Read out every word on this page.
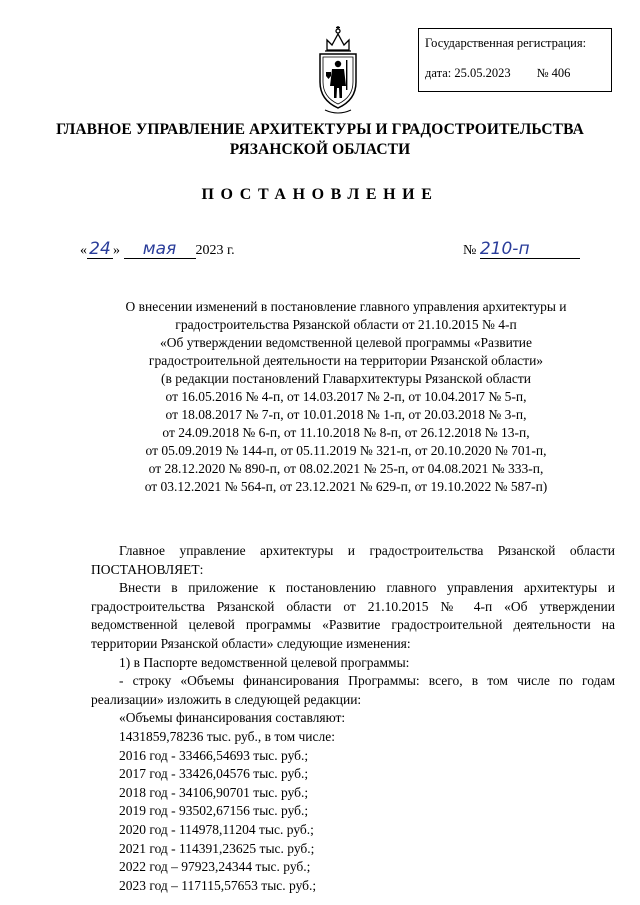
Государственная регистрация:
дата: 25.05.2023 № 406
ГЛАВНОЕ УПРАВЛЕНИЕ АРХИТЕКТУРЫ И ГРАДОСТРОИТЕЛЬСТВА
РЯЗАНСКОЙ ОБЛАСТИ
ПОСТАНОВЛЕНИЕ
« 24 » мая 2023 г.	№ 210-п
О внесении изменений в постановление главного управления архитектуры и
градостроительства Рязанской области от 21.10.2015 № 4-п
«Об утверждении ведомственной целевой программы «Развитие
градостроительной деятельности на территории Рязанской области»
(в редакции постановлений Главархитектуры Рязанской области
от 16.05.2016 № 4-п, от 14.03.2017 № 2-п, от 10.04.2017 № 5-п,
от 18.08.2017 № 7-п, от 10.01.2018 № 1-п, от 20.03.2018 № 3-п,
от 24.09.2018 № 6-п, от 11.10.2018 № 8-п, от 26.12.2018 № 13-п,
от 05.09.2019 № 144-п, от 05.11.2019 № 321-п, от 20.10.2020 № 701-п,
от 28.12.2020 № 890-п, от 08.02.2021 № 25-п, от 04.08.2021 № 333-п,
от 03.12.2021 № 564-п, от 23.12.2021 № 629-п, от 19.10.2022 № 587-п)

Главное управление архитектуры и градостроительства Рязанской области ПОСТАНОВЛЯЕТ:

Внести в приложение к постановлению главного управления архитектуры и градостроительства Рязанской области от 21.10.2015 № 4-п «Об утверждении ведомственной целевой программы «Развитие градостроительной деятельности на территории Рязанской области» следующие изменения:

1) в Паспорте ведомственной целевой программы:

- строку «Объемы финансирования Программы: всего, в том числе по годам реализации» изложить в следующей редакции:

«Объемы финансирования составляют:
1431859,78236 тыс. руб., в том числе:
2016 год - 33466,54693 тыс. руб.;
2017 год - 33426,04576 тыс. руб.;
2018 год - 34106,90701 тыс. руб.;
2019 год - 93502,67156 тыс. руб.;
2020 год - 114978,11204 тыс. руб.;
2021 год - 114391,23625 тыс. руб.;
2022 год – 97923,24344 тыс. руб.;
2023 год – 117115,57653 тыс. руб.;
